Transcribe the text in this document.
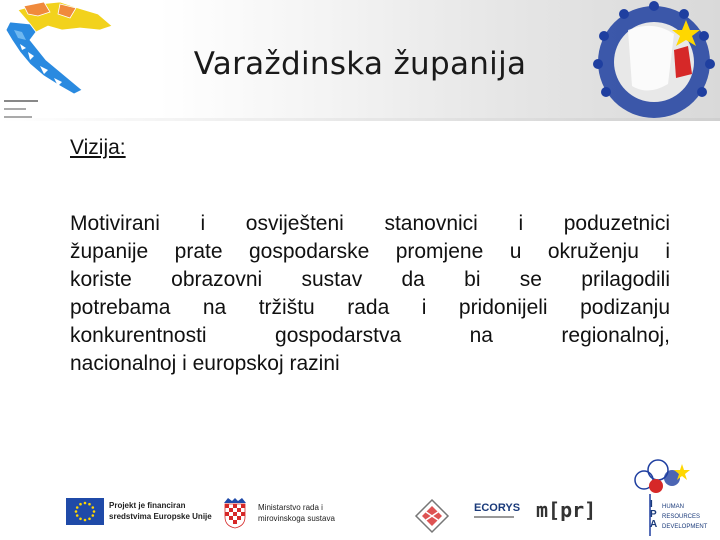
Varaždinska županija
Vizija:
Motivirani i osviješteni stanovnici i poduzetnici
županije prate gospodarske promjene u okruženju i
koriste obrazovni sustav da bi se prilagodili
potrebama na tržištu rada i pridonijeli podizanju
konkurentnosti gospodarstva na regionalnoj,
nacionalnoj i europskoj razini
Projekt je financiran
sredstvima Europske Unije
Ministarstvo rada i
mirovinskoga sustava
ECORYS m[pr]	I
P
A
HUMAN
RESOURCES
DEVELOPMENT
